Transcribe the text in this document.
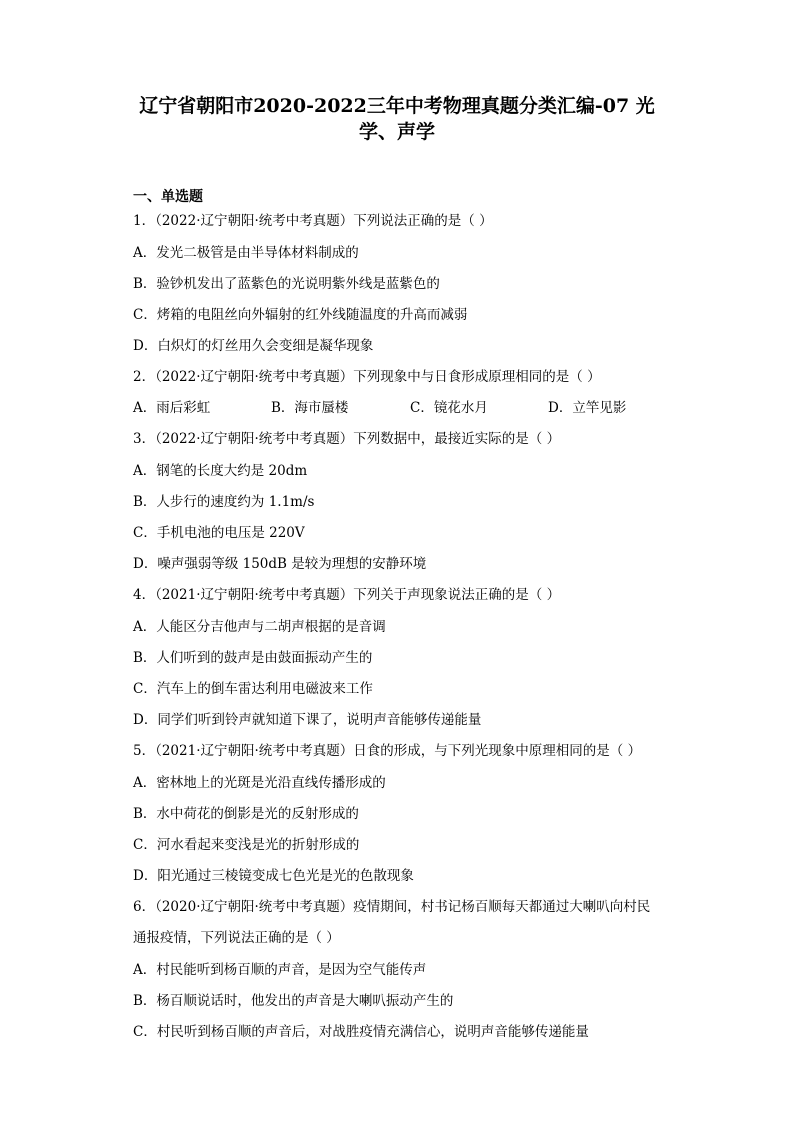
辽宁省朝阳市2020-2022三年中考物理真题分类汇编-07 光
学、声学
一、单选题
1．（2022·辽宁朝阳·统考中考真题）下列说法正确的是（ ）
A．发光二极管是由半导体材料制成的
B．验钞机发出了蓝紫色的光说明紫外线是蓝紫色的
C．烤箱的电阻丝向外辐射的红外线随温度的升高而减弱
D．白炽灯的灯丝用久会变细是凝华现象
2．（2022·辽宁朝阳·统考中考真题）下列现象中与日食形成原理相同的是（ ）
A．雨后彩虹	B．海市蜃楼	C．镜花水月	D．立竿见影
3．（2022·辽宁朝阳·统考中考真题）下列数据中，最接近实际的是（ ）
A．钢笔的长度大约是 20dm
B．人步行的速度约为 1.1m/s
C．手机电池的电压是 220V
D．噪声强弱等级 150dB 是较为理想的安静环境
4．（2021·辽宁朝阳·统考中考真题）下列关于声现象说法正确的是（ ）
A．人能区分吉他声与二胡声根据的是音调
B．人们听到的鼓声是由鼓面振动产生的
C．汽车上的倒车雷达利用电磁波来工作
D．同学们听到铃声就知道下课了，说明声音能够传递能量
5．（2021·辽宁朝阳·统考中考真题）日食的形成，与下列光现象中原理相同的是（ ）
A．密林地上的光斑是光沿直线传播形成的
B．水中荷花的倒影是光的反射形成的
C．河水看起来变浅是光的折射形成的
D．阳光通过三棱镜变成七色光是光的色散现象
6．（2020·辽宁朝阳·统考中考真题）疫情期间，村书记杨百顺每天都通过大喇叭向村民
通报疫情，下列说法正确的是（ ）
A．村民能听到杨百顺的声音，是因为空气能传声
B．杨百顺说话时，他发出的声音是大喇叭振动产生的
C．村民听到杨百顺的声音后，对战胜疫情充满信心，说明声音能够传递能量
